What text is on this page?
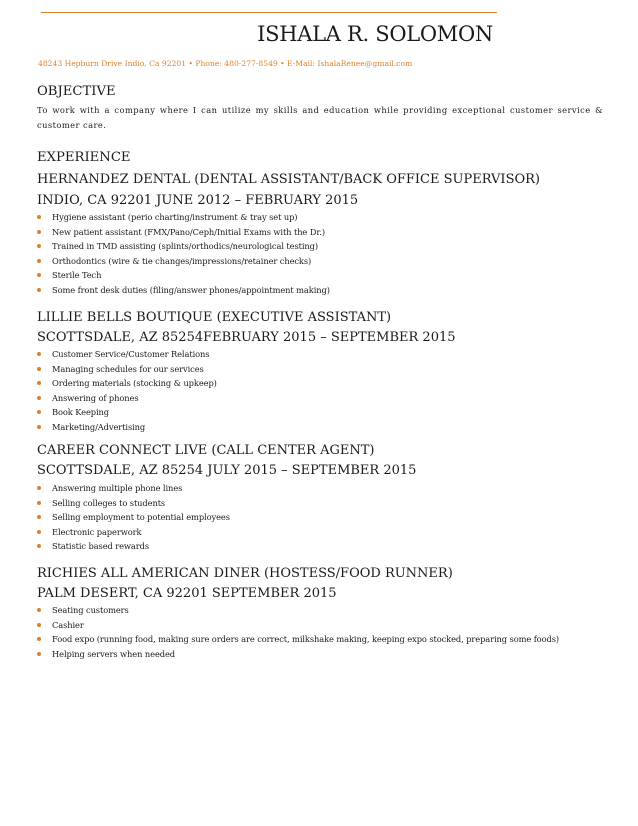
ISHALA R. SOLOMON
48243 Hepburn Drive Indio, Ca 92201 • Phone: 480-277-8549 • E-Mail: IshalaRenee@gmail.com
OBJECTIVE
To work with a company where I can utilize my skills and education while providing exceptional customer service & customer care.
EXPERIENCE
HERNANDEZ DENTAL (DENTAL ASSISTANT/BACK OFFICE SUPERVISOR)
INDIO, CA 92201 JUNE 2012 – FEBRUARY 2015
Hygiene assistant (perio charting/instrument & tray set up)
New patient assistant (FMX/Pano/Ceph/Initial Exams with the Dr.)
Trained in TMD assisting (splints/orthodics/neurological testing)
Orthodontics (wire & tie changes/impressions/retainer checks)
Sterile Tech
Some front desk duties (filing/answer phones/appointment making)
LILLIE BELLS BOUTIQUE (EXECUTIVE ASSISTANT)
SCOTTSDALE, AZ 85254FEBRUARY 2015 – SEPTEMBER 2015
Customer Service/Customer Relations
Managing schedules for our services
Ordering materials (stocking & upkeep)
Answering of phones
Book Keeping
Marketing/Advertising
CAREER CONNECT LIVE (CALL CENTER AGENT)
SCOTTSDALE, AZ 85254 JULY 2015 – SEPTEMBER 2015
Answering multiple phone lines
Selling colleges to students
Selling employment to potential employees
Electronic paperwork
Statistic based rewards
RICHIES ALL AMERICAN DINER (HOSTESS/FOOD RUNNER)
PALM DESERT, CA 92201 SEPTEMBER 2015
Seating customers
Cashier
Food expo (running food, making sure orders are correct, milkshake making, keeping expo stocked, preparing some foods)
Helping servers when needed
